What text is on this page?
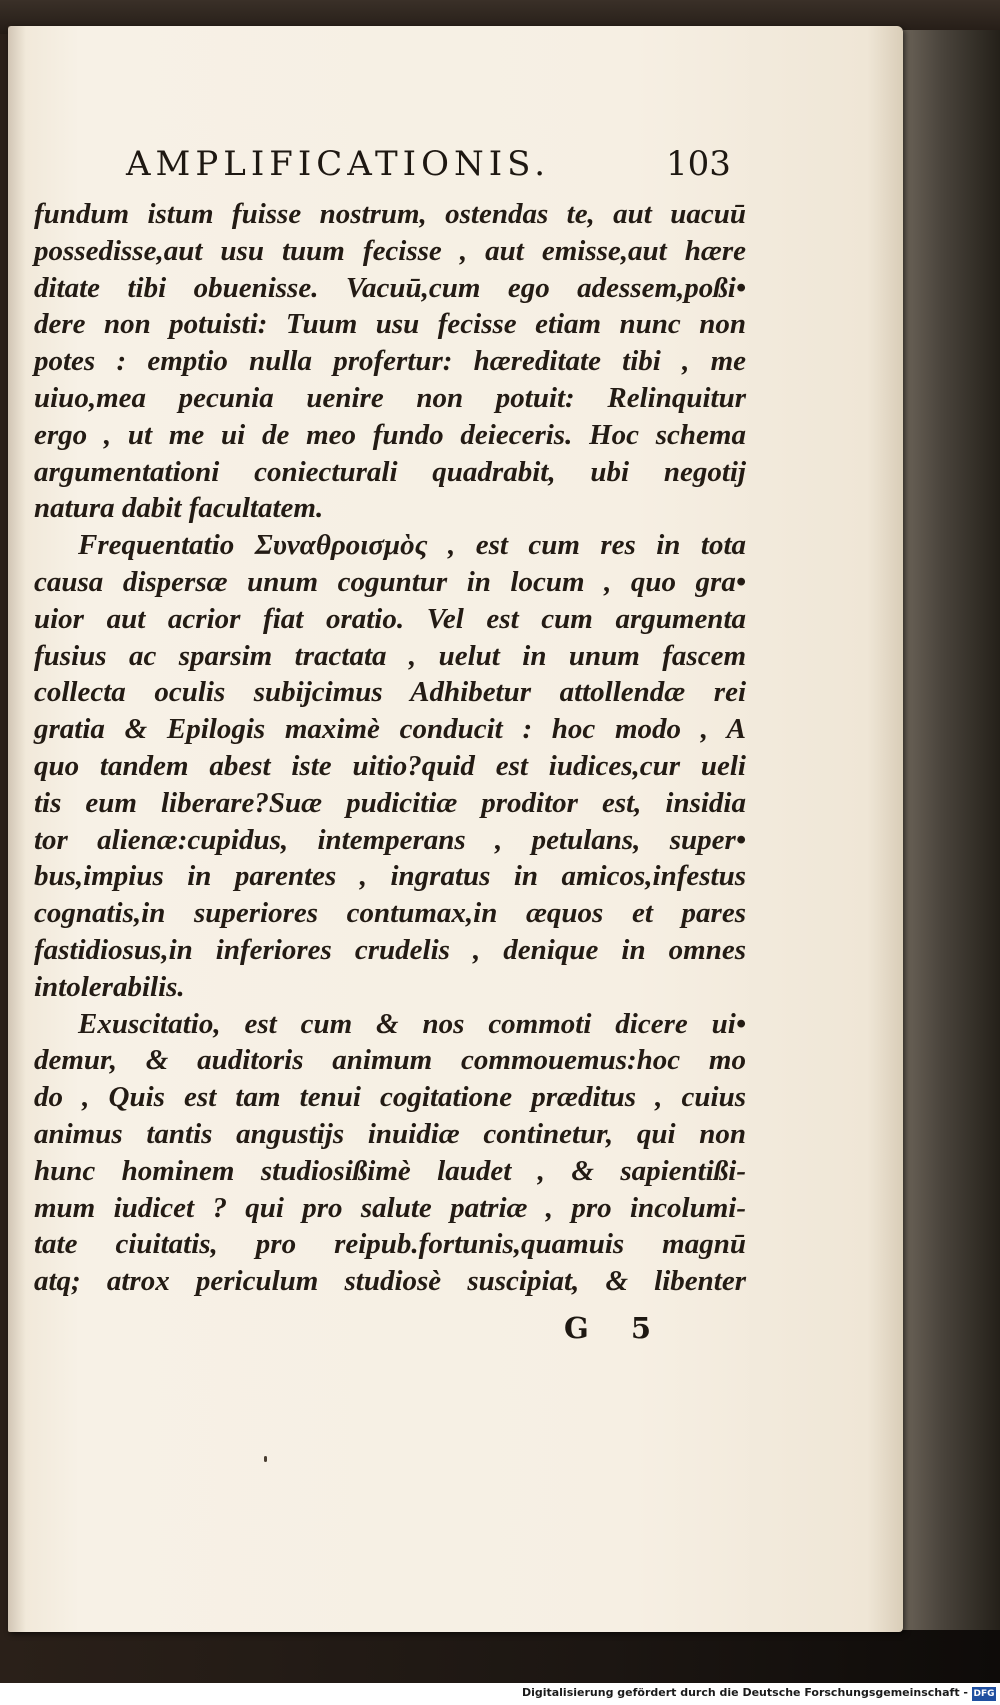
AMPLIFICATIONIS.	103
fundum istum fuisse nostrum, ostendas te, aut uacuū
possedisse,aut usu tuum fecisse , aut emisse,aut hære
ditate tibi obuenisse. Vacuū,cum ego adessem,poßi•
dere non potuisti: Tuum usu fecisse etiam nunc non
potes : emptio nulla profertur: hæreditate tibi , me
uiuo,mea pecunia uenire non potuit: Relinquitur
ergo , ut me ui de meo fundo deieceris. Hoc schema
argumentationi coniecturali quadrabit, ubi negotij
natura dabit facultatem.
Frequentatio Συναθροισμὸς , est cum res in tota
causa dispersæ unum coguntur in locum , quo gra•
uior aut acrior fiat oratio. Vel est cum argumenta
fusius ac sparsim tractata , uelut in unum fascem
collecta oculis subijcimus Adhibetur attollendæ rei
gratia & Epilogis maximè conducit : hoc modo , A
quo tandem abest iste uitio?quid est iudices,cur ueli
tis eum liberare?Suæ pudicitiæ proditor est, insidia
tor alienæ:cupidus, intemperans , petulans, super•
bus,impius in parentes , ingratus in amicos,infestus
cognatis,in superiores contumax,in æquos et pares
fastidiosus,in inferiores crudelis , denique in omnes
intolerabilis.
Exuscitatio, est cum & nos commoti dicere ui•
demur, & auditoris animum commouemus:hoc mo
do , Quis est tam tenui cogitatione præditus , cuius
animus tantis angustijs inuidiæ continetur, qui non
hunc hominem studiosißimè laudet , & sapientißi-
mum iudicet ? qui pro salute patriæ , pro incolumi-
tate ciuitatis, pro reipub.fortunis,quamuis magnū
atq; atrox periculum studiosè suscipiat, & libenter
G 5
Digitalisierung gefördert durch die Deutsche Forschungsgemeinschaft - DFG
